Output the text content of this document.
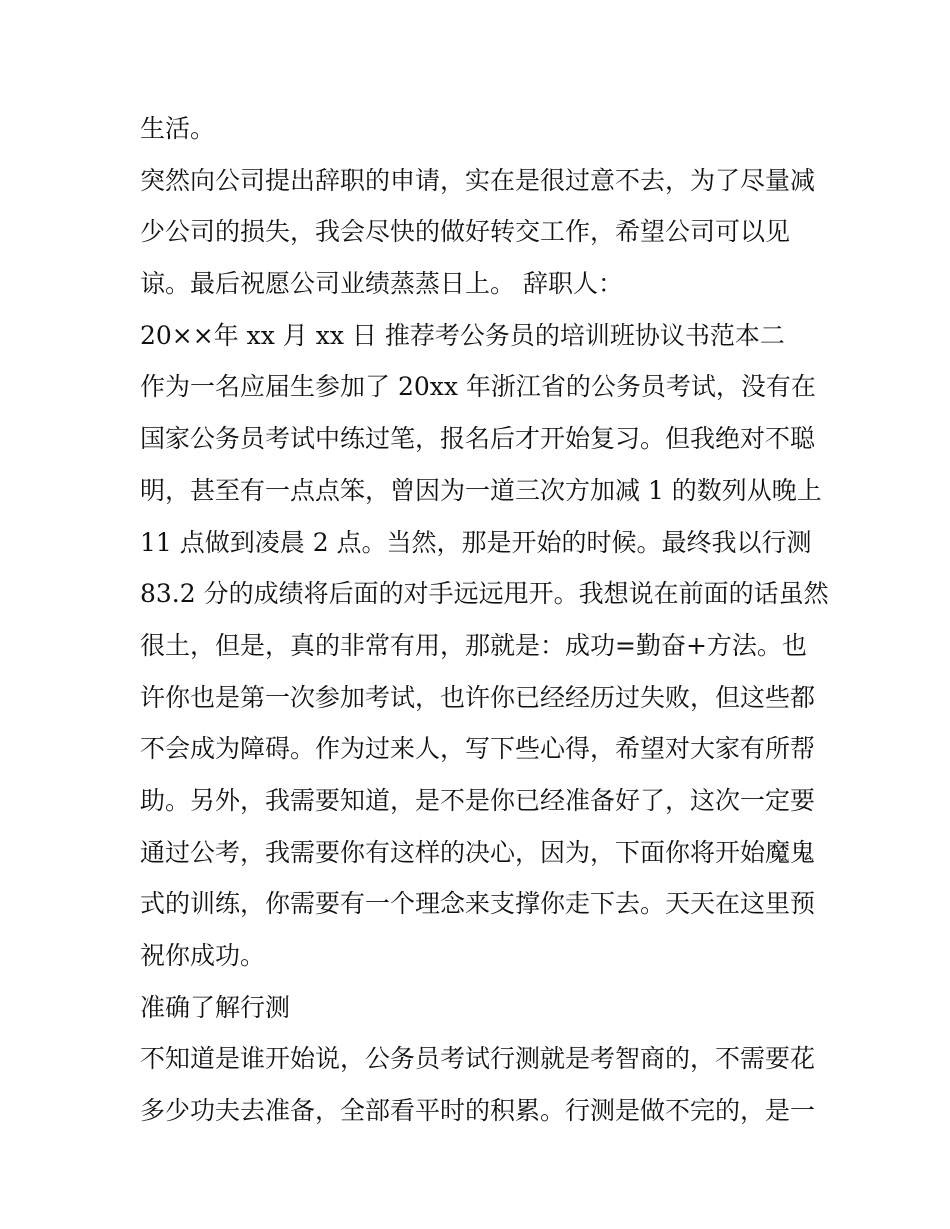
生活。
突然向公司提出辞职的申请，实在是很过意不去，为了尽量减
少公司的损失，我会尽快的做好转交工作，希望公司可以见
谅。最后祝愿公司业绩蒸蒸日上。 辞职人：
20××年 xx 月 xx 日 推荐考公务员的培训班协议书范本二
作为一名应届生参加了 20xx 年浙江省的公务员考试，没有在
国家公务员考试中练过笔，报名后才开始复习。但我绝对不聪
明，甚至有一点点笨，曾因为一道三次方加减 1 的数列从晚上
11 点做到凌晨 2 点。当然，那是开始的时候。最终我以行测
83.2 分的成绩将后面的对手远远甩开。我想说在前面的话虽然
很土，但是，真的非常有用，那就是：成功=勤奋+方法。也
许你也是第一次参加考试，也许你已经经历过失败，但这些都
不会成为障碍。作为过来人，写下些心得，希望对大家有所帮
助。另外，我需要知道，是不是你已经准备好了，这次一定要
通过公考，我需要你有这样的决心，因为，下面你将开始魔鬼
式的训练，你需要有一个理念来支撑你走下去。天天在这里预
祝你成功。
准确了解行测
不知道是谁开始说，公务员考试行测就是考智商的，不需要花
多少功夫去准备，全部看平时的积累。行测是做不完的，是一
